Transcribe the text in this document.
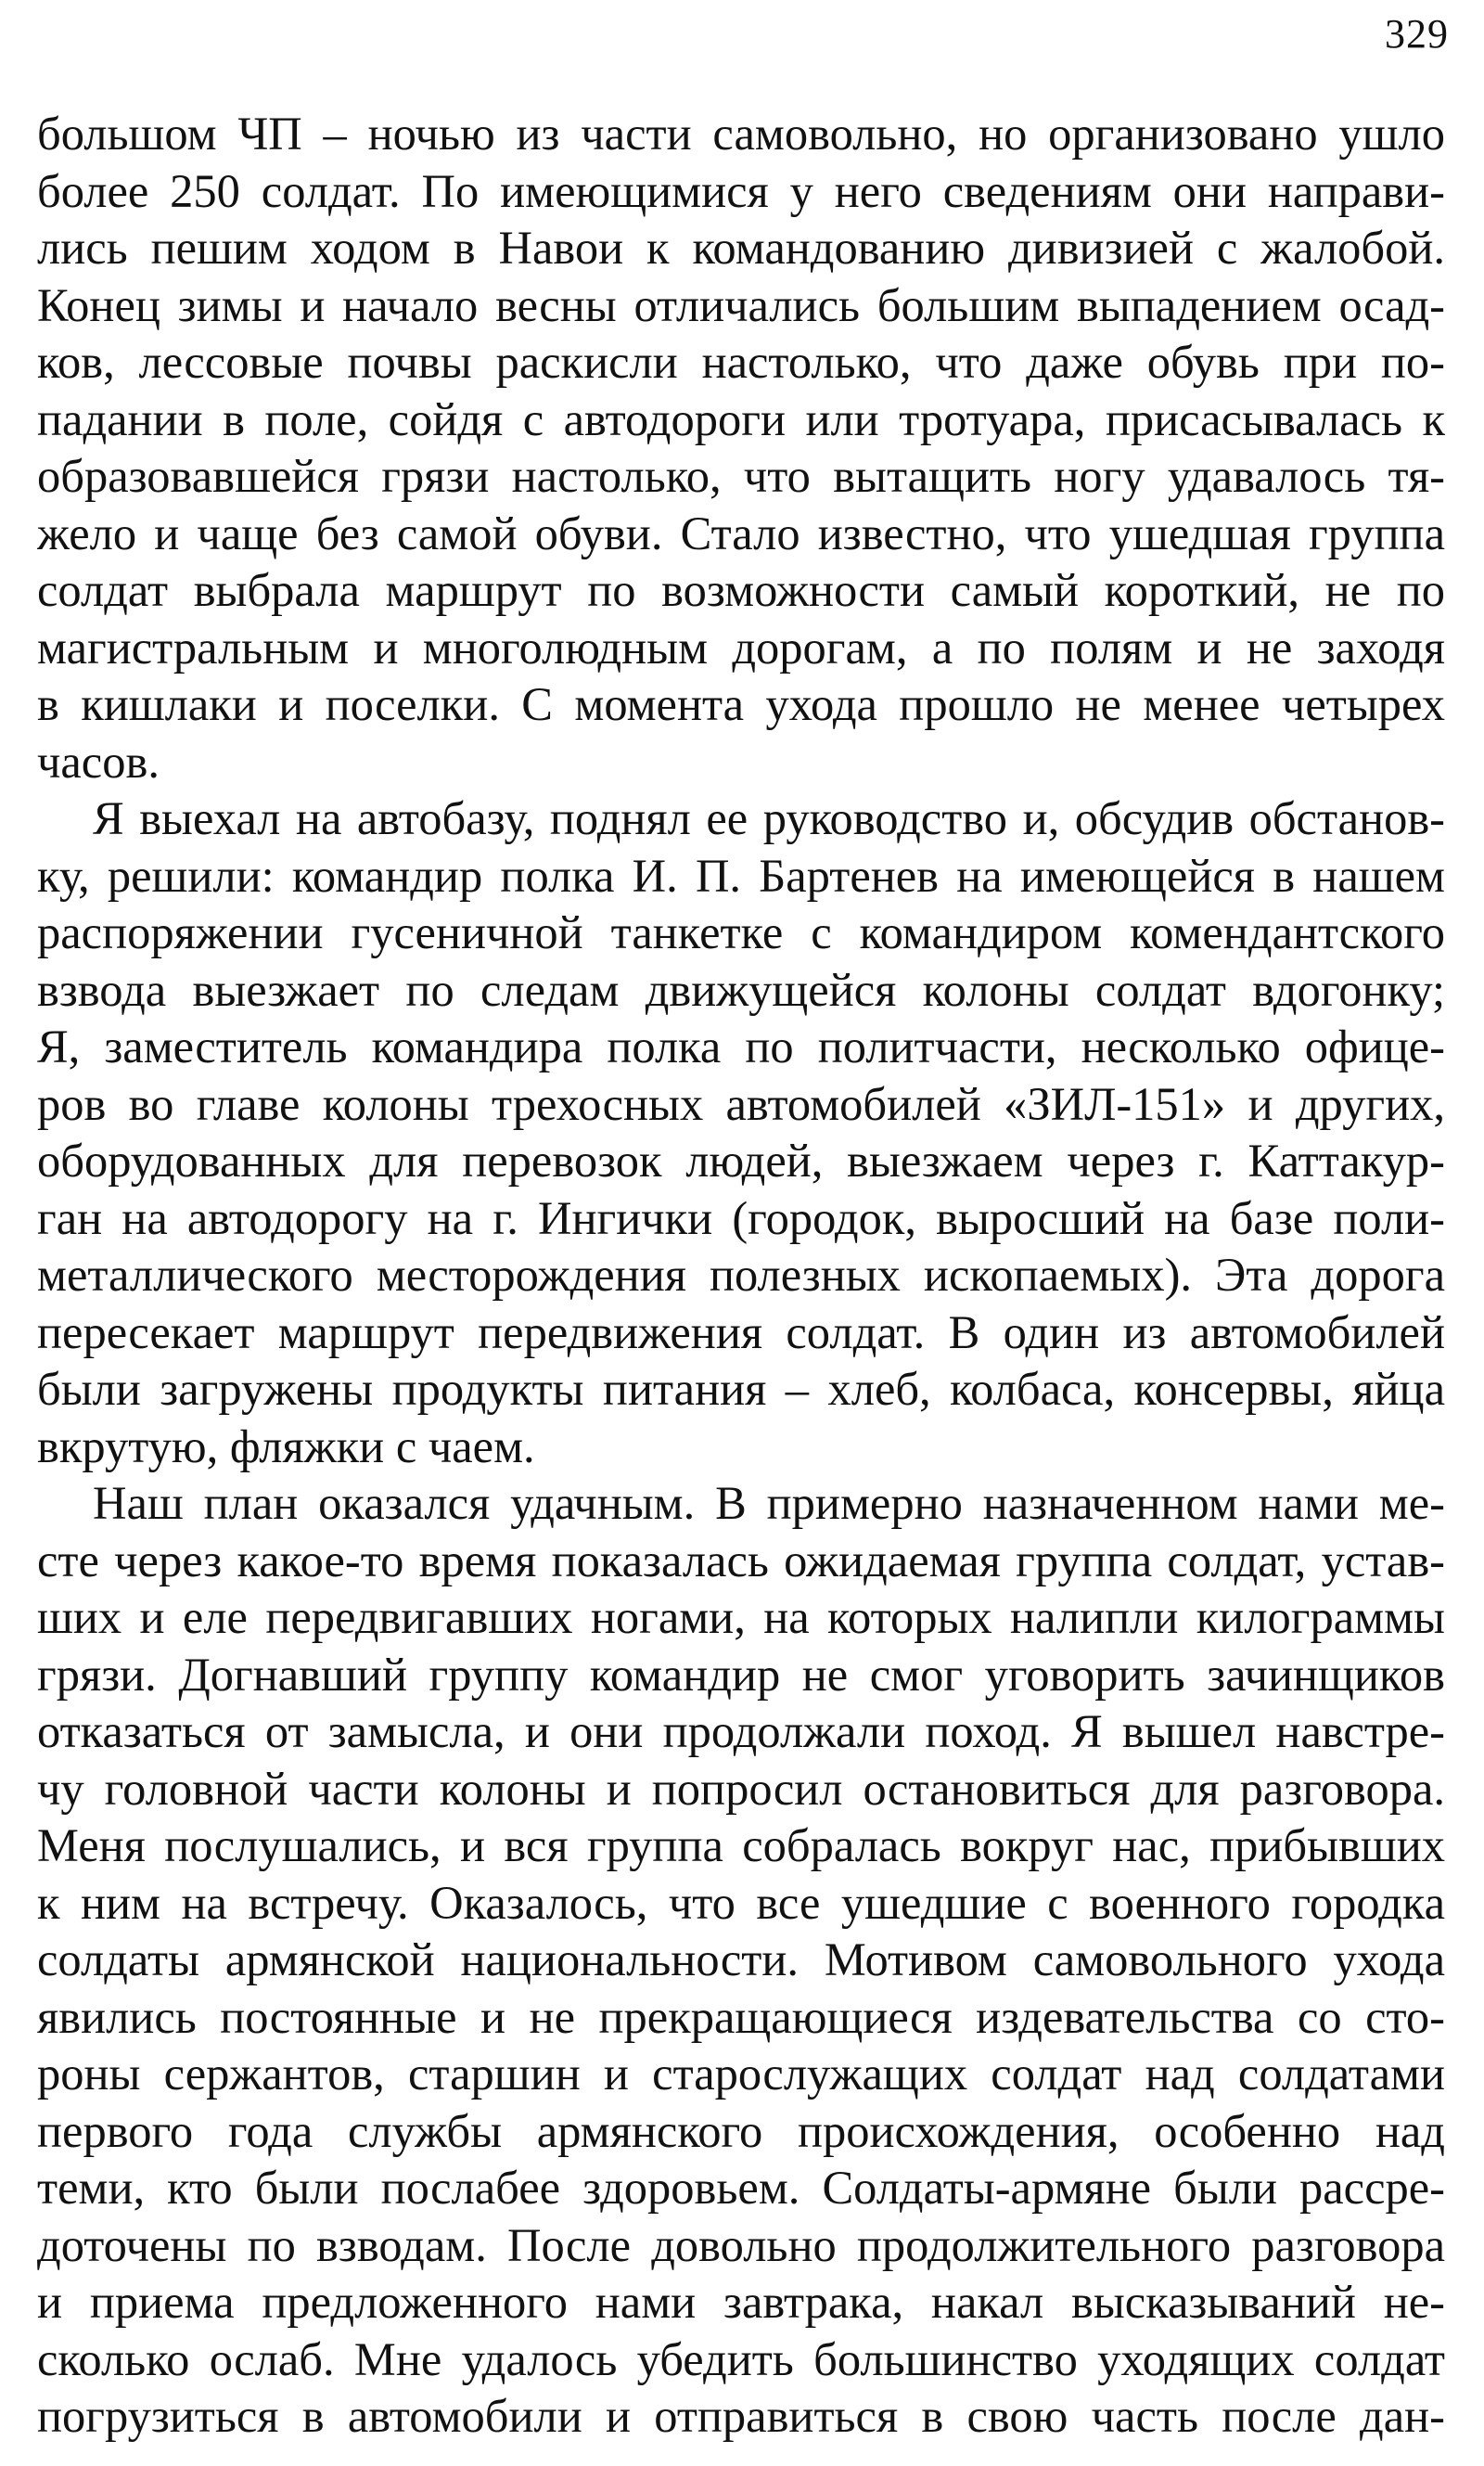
329
большом ЧП – ночью из части самовольно, но организовано ушло
более 250 солдат. По имеющимися у него сведениям они направи-
лись пешим ходом в Навои к командованию дивизией с жалобой.
Конец зимы и начало весны отличались большим выпадением осад-
ков, лессовые почвы раскисли настолько, что даже обувь при по-
падании в поле, сойдя с автодороги или тротуара, присасывалась к
образовавшейся грязи настолько, что вытащить ногу удавалось тя-
жело и чаще без самой обуви. Стало известно, что ушедшая группа
солдат выбрала маршрут по возможности самый короткий, не по
магистральным и многолюдным дорогам, а по полям и не заходя
в кишлаки и поселки. С момента ухода прошло не менее четырех
часов.
Я выехал на автобазу, поднял ее руководство и, обсудив обстанов-
ку, решили: командир полка И. П. Бартенев на имеющейся в нашем
распоряжении гусеничной танкетке с командиром комендантского
взвода выезжает по следам движущейся колоны солдат вдогонку;
Я, заместитель командира полка по политчасти, несколько офице-
ров во главе колоны трехосных автомобилей «ЗИЛ-151» и других,
оборудованных для перевозок людей, выезжаем через г. Каттакур-
ган на автодорогу на г. Ингички (городок, выросший на базе поли-
металлического месторождения полезных ископаемых). Эта дорога
пересекает маршрут передвижения солдат. В один из автомобилей
были загружены продукты питания – хлеб, колбаса, консервы, яйца
вкрутую, фляжки с чаем.
Наш план оказался удачным. В примерно назначенном нами ме-
сте через какое-то время показалась ожидаемая группа солдат, устав-
ших и еле передвигавших ногами, на которых налипли килограммы
грязи. Догнавший группу командир не смог уговорить зачинщиков
отказаться от замысла, и они продолжали поход. Я вышел навстре-
чу головной части колоны и попросил остановиться для разговора.
Меня послушались, и вся группа собралась вокруг нас, прибывших
к ним на встречу. Оказалось, что все ушедшие с военного городка
солдаты армянской национальности. Мотивом самовольного ухода
явились постоянные и не прекращающиеся издевательства со сто-
роны сержантов, старшин и старослужащих солдат над солдатами
первого года службы армянского происхождения, особенно над
теми, кто были послабее здоровьем. Солдаты-армяне были рассре-
доточены по взводам. После довольно продолжительного разговора
и приема предложенного нами завтрака, накал высказываний не-
сколько ослаб. Мне удалось убедить большинство уходящих солдат
погрузиться в автомобили и отправиться в свою часть после дан-
